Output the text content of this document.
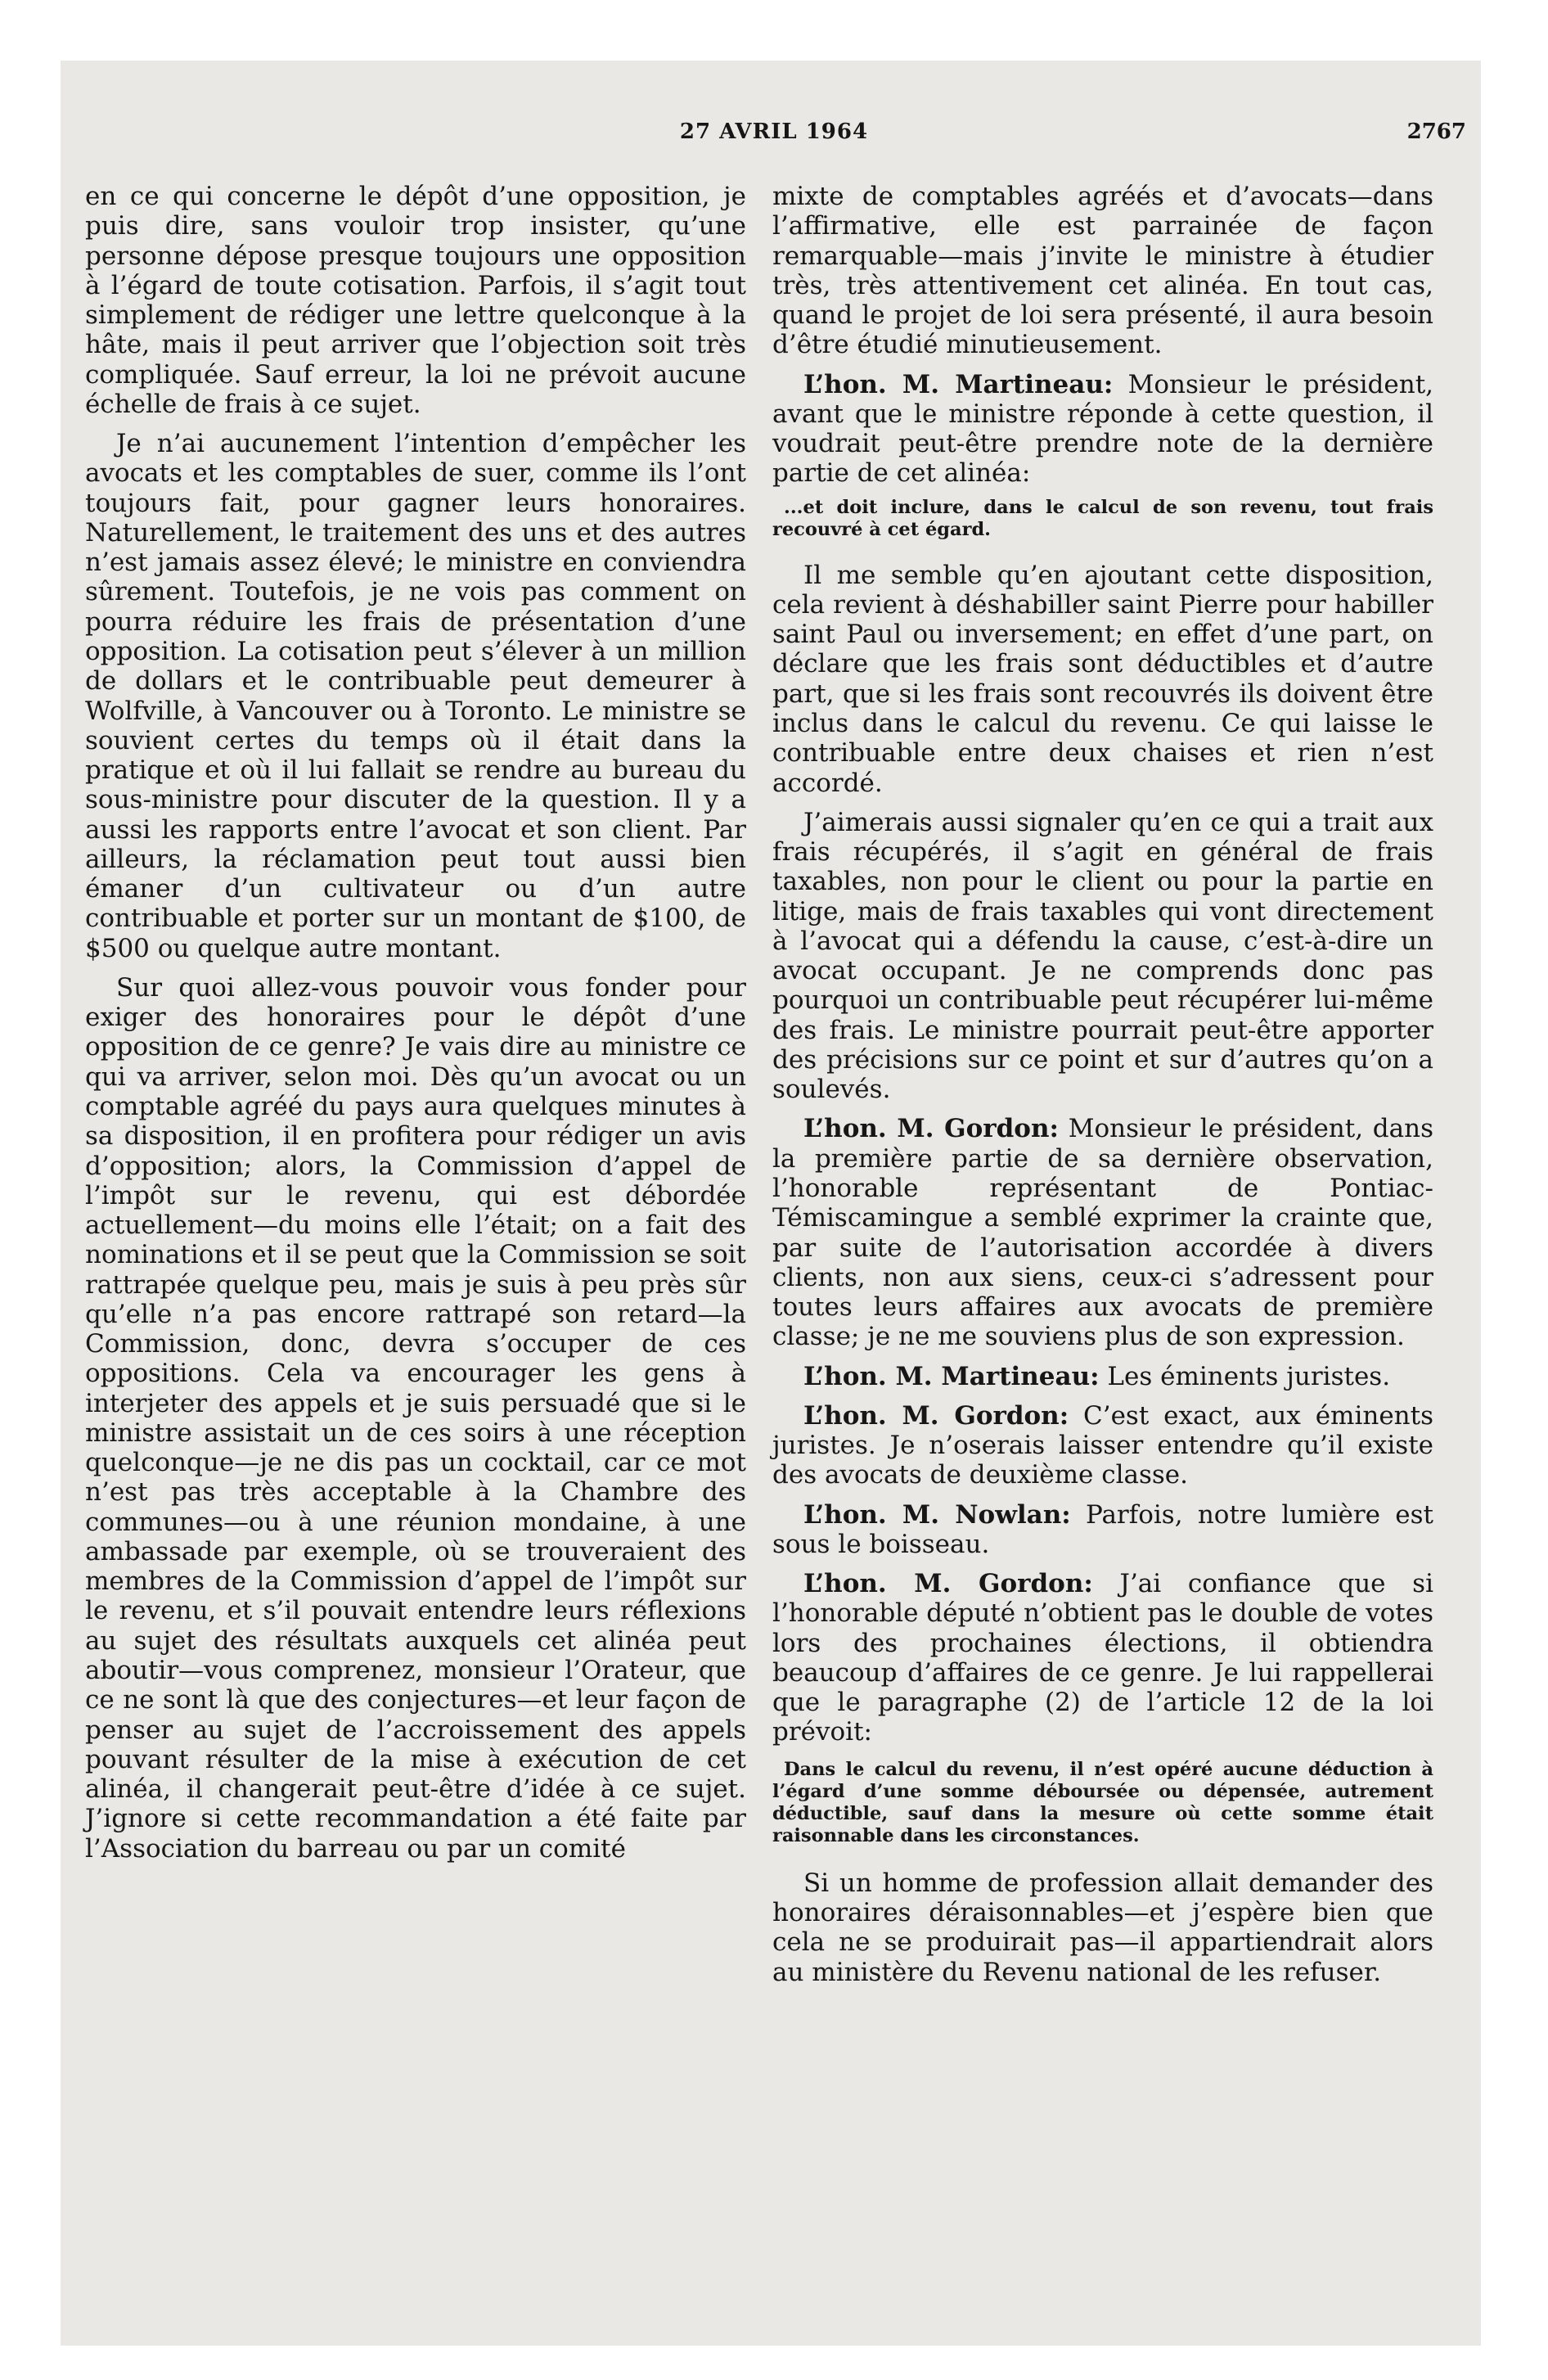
27 AVRIL 1964	2767

en ce qui concerne le dépôt d’une opposition, je puis dire, sans vouloir trop insister, qu’une personne dépose presque toujours une opposition à l’égard de toute cotisation. Parfois, il s’agit tout simplement de rédiger une lettre quelconque à la hâte, mais il peut arriver que l’objection soit très compliquée. Sauf erreur, la loi ne prévoit aucune échelle de frais à ce sujet.

Je n’ai aucunement l’intention d’empêcher les avocats et les comptables de suer, comme ils l’ont toujours fait, pour gagner leurs honoraires. Naturellement, le traitement des uns et des autres n’est jamais assez élevé; le ministre en conviendra sûrement. Toutefois, je ne vois pas comment on pourra réduire les frais de présentation d’une opposition. La cotisation peut s’élever à un million de dollars et le contribuable peut demeurer à Wolfville, à Vancouver ou à Toronto. Le ministre se souvient certes du temps où il était dans la pratique et où il lui fallait se rendre au bureau du sous-ministre pour discuter de la question. Il y a aussi les rapports entre l’avocat et son client. Par ailleurs, la réclamation peut tout aussi bien émaner d’un cultivateur ou d’un autre contribuable et porter sur un montant de $100, de $500 ou quelque autre montant.

Sur quoi allez-vous pouvoir vous fonder pour exiger des honoraires pour le dépôt d’une opposition de ce genre? Je vais dire au ministre ce qui va arriver, selon moi. Dès qu’un avocat ou un comptable agréé du pays aura quelques minutes à sa disposition, il en profitera pour rédiger un avis d’opposition; alors, la Commission d’appel de l’impôt sur le revenu, qui est débordée actuellement—du moins elle l’était; on a fait des nominations et il se peut que la Commission se soit rattrapée quelque peu, mais je suis à peu près sûr qu’elle n’a pas encore rattrapé son retard—la Commission, donc, devra s’occuper de ces oppositions. Cela va encourager les gens à interjeter des appels et je suis persuadé que si le ministre assistait un de ces soirs à une réception quelconque—je ne dis pas un cocktail, car ce mot n’est pas très acceptable à la Chambre des communes—ou à une réunion mondaine, à une ambassade par exemple, où se trouveraient des membres de la Commission d’appel de l’impôt sur le revenu, et s’il pouvait entendre leurs réflexions au sujet des résultats auxquels cet alinéa peut aboutir—vous comprenez, monsieur l’Orateur, que ce ne sont là que des conjectures—et leur façon de penser au sujet de l’accroissement des appels pouvant résulter de la mise à exécution de cet alinéa, il changerait peut-être d’idée à ce sujet. J’ignore si cette recommandation a été faite par l’Association du barreau ou par un comité

mixte de comptables agréés et d’avocats—dans l’affirmative, elle est parrainée de façon remarquable—mais j’invite le ministre à étudier très, très attentivement cet alinéa. En tout cas, quand le projet de loi sera présenté, il aura besoin d’être étudié minutieusement.

L’hon. M. Martineau: Monsieur le président, avant que le ministre réponde à cette question, il voudrait peut-être prendre note de la dernière partie de cet alinéa:

...et doit inclure, dans le calcul de son revenu, tout frais recouvré à cet égard.

Il me semble qu’en ajoutant cette disposition, cela revient à déshabiller saint Pierre pour habiller saint Paul ou inversement; en effet d’une part, on déclare que les frais sont déductibles et d’autre part, que si les frais sont recouvrés ils doivent être inclus dans le calcul du revenu. Ce qui laisse le contribuable entre deux chaises et rien n’est accordé.

J’aimerais aussi signaler qu’en ce qui a trait aux frais récupérés, il s’agit en général de frais taxables, non pour le client ou pour la partie en litige, mais de frais taxables qui vont directement à l’avocat qui a défendu la cause, c’est-à-dire un avocat occupant. Je ne comprends donc pas pourquoi un contribuable peut récupérer lui-même des frais. Le ministre pourrait peut-être apporter des précisions sur ce point et sur d’autres qu’on a soulevés.

L’hon. M. Gordon: Monsieur le président, dans la première partie de sa dernière observation, l’honorable représentant de Pontiac-Témiscamingue a semblé exprimer la crainte que, par suite de l’autorisation accordée à divers clients, non aux siens, ceux-ci s’adressent pour toutes leurs affaires aux avocats de première classe; je ne me souviens plus de son expression.

L’hon. M. Martineau: Les éminents juristes.

L’hon. M. Gordon: C’est exact, aux éminents juristes. Je n’oserais laisser entendre qu’il existe des avocats de deuxième classe.

L’hon. M. Nowlan: Parfois, notre lumière est sous le boisseau.

L’hon. M. Gordon: J’ai confiance que si l’honorable député n’obtient pas le double de votes lors des prochaines élections, il obtiendra beaucoup d’affaires de ce genre. Je lui rappellerai que le paragraphe (2) de l’article 12 de la loi prévoit:

Dans le calcul du revenu, il n’est opéré aucune déduction à l’égard d’une somme déboursée ou dépensée, autrement déductible, sauf dans la mesure où cette somme était raisonnable dans les circonstances.

Si un homme de profession allait demander des honoraires déraisonnables—et j’espère bien que cela ne se produirait pas—il appartiendrait alors au ministère du Revenu national de les refuser.
